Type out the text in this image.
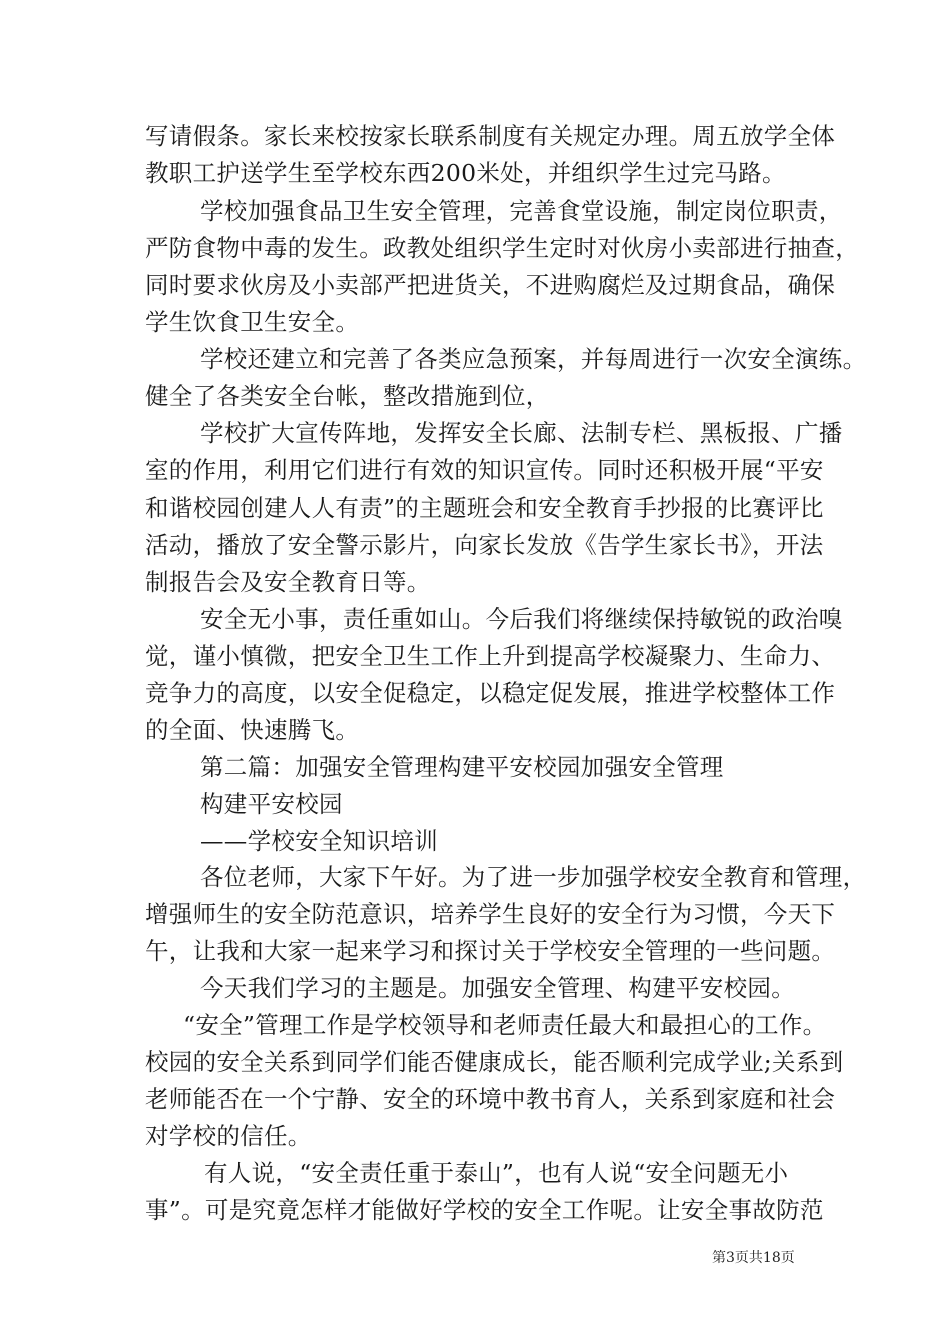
写请假条。家长来校按家长联系制度有关规定办理。周五放学全体
教职工护送学生至学校东西200米处，并组织学生过完马路。
学校加强食品卫生安全管理，完善食堂设施，制定岗位职责，
严防食物中毒的发生。政教处组织学生定时对伙房小卖部进行抽查，
同时要求伙房及小卖部严把进货关，不进购腐烂及过期食品，确保
学生饮食卫生安全。
学校还建立和完善了各类应急预案，并每周进行一次安全演练。
健全了各类安全台帐，整改措施到位，
学校扩大宣传阵地，发挥安全长廊、法制专栏、黑板报、广播
室的作用，利用它们进行有效的知识宣传。同时还积极开展“平安
和谐校园创建人人有责”的主题班会和安全教育手抄报的比赛评比
活动，播放了安全警示影片，向家长发放《告学生家长书》，开法
制报告会及安全教育日等。
安全无小事，责任重如山。今后我们将继续保持敏锐的政治嗅
觉，谨小慎微，把安全卫生工作上升到提高学校凝聚力、生命力、
竞争力的高度，以安全促稳定，以稳定促发展，推进学校整体工作
的全面、快速腾飞。
第二篇：加强安全管理构建平安校园加强安全管理
构建平安校园
——学校安全知识培训
各位老师，大家下午好。为了进一步加强学校安全教育和管理，
增强师生的安全防范意识，培养学生良好的安全行为习惯，今天下
午，让我和大家一起来学习和探讨关于学校安全管理的一些问题。
今天我们学习的主题是。加强安全管理、构建平安校园。
“安全”管理工作是学校领导和老师责任最大和最担心的工作。
校园的安全关系到同学们能否健康成长，能否顺利完成学业;关系到
老师能否在一个宁静、安全的环境中教书育人，关系到家庭和社会
对学校的信任。
有人说，“安全责任重于泰山”，也有人说“安全问题无小
事”。可是究竟怎样才能做好学校的安全工作呢。让安全事故防范
第3页共18页
